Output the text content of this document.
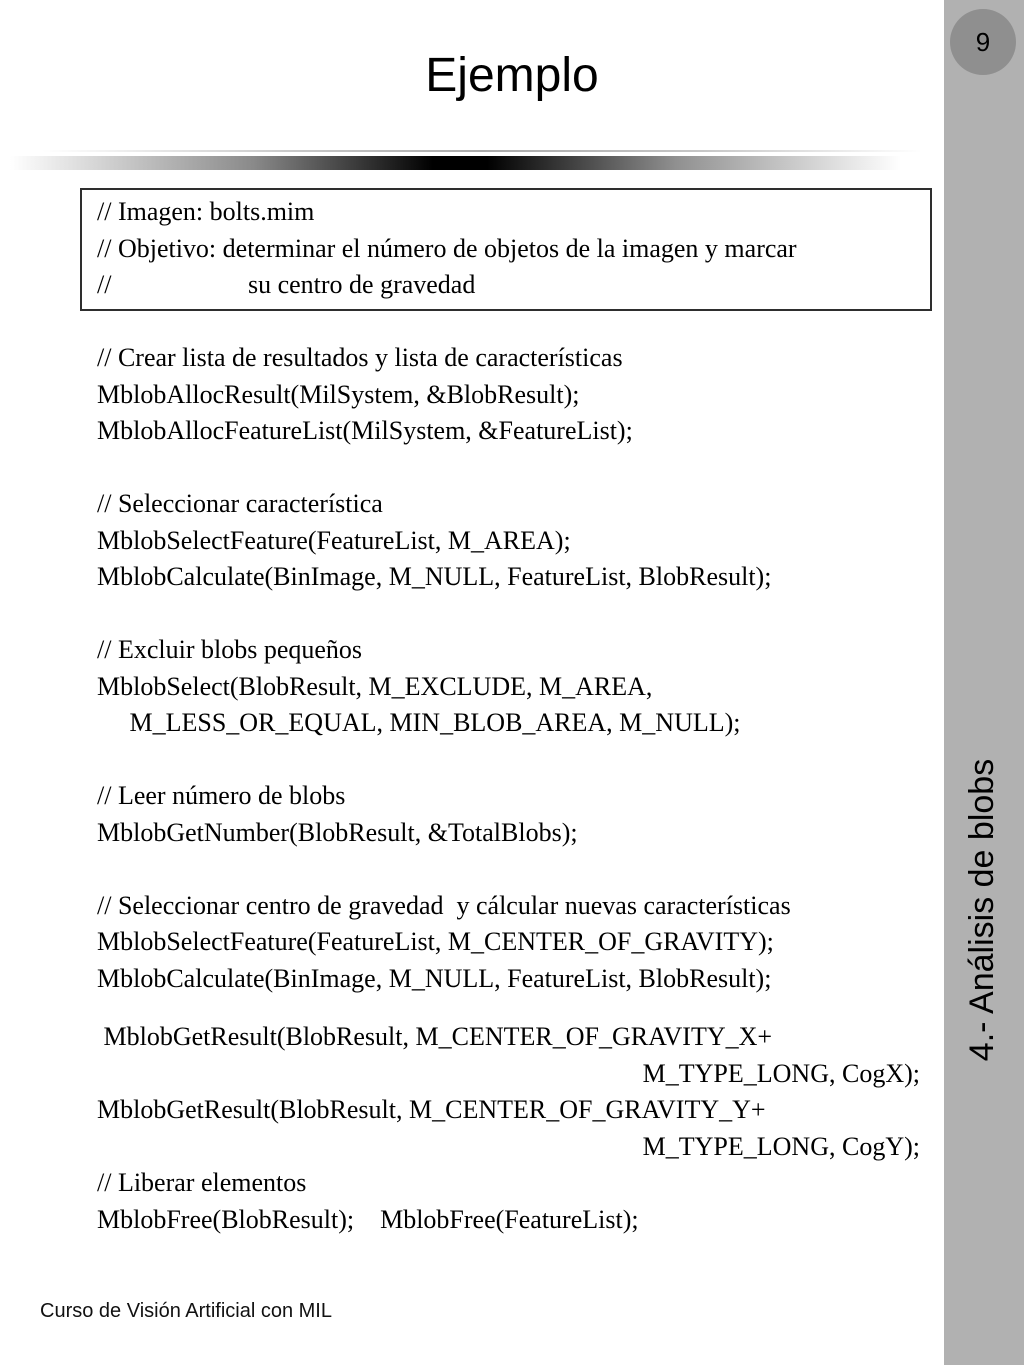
Ejemplo
// Imagen: bolts.mim
// Objetivo: determinar el número de objetos de la imagen y marcar
//                     su centro de gravedad
// Crear lista de resultados y lista de características
MblobAllocResult(MilSystem, &BlobResult);
MblobAllocFeatureList(MilSystem, &FeatureList);
// Seleccionar característica
MblobSelectFeature(FeatureList, M_AREA);
MblobCalculate(BinImage, M_NULL, FeatureList, BlobResult);
// Excluir blobs pequeños
MblobSelect(BlobResult, M_EXCLUDE, M_AREA,
M_LESS_OR_EQUAL, MIN_BLOB_AREA, M_NULL);
// Leer número de blobs
MblobGetNumber(BlobResult, &TotalBlobs);
// Seleccionar centro de gravedad  y cálcular nuevas características
MblobSelectFeature(FeatureList, M_CENTER_OF_GRAVITY);
MblobCalculate(BinImage, M_NULL, FeatureList, BlobResult);
MblobGetResult(BlobResult, M_CENTER_OF_GRAVITY_X+
M_TYPE_LONG, CogX);
MblobGetResult(BlobResult, M_CENTER_OF_GRAVITY_Y+
M_TYPE_LONG, CogY);
// Liberar elementos
MblobFree(BlobResult);    MblobFree(FeatureList);
9
4.- Análisis de blobs
Curso de Visión Artificial con MIL
